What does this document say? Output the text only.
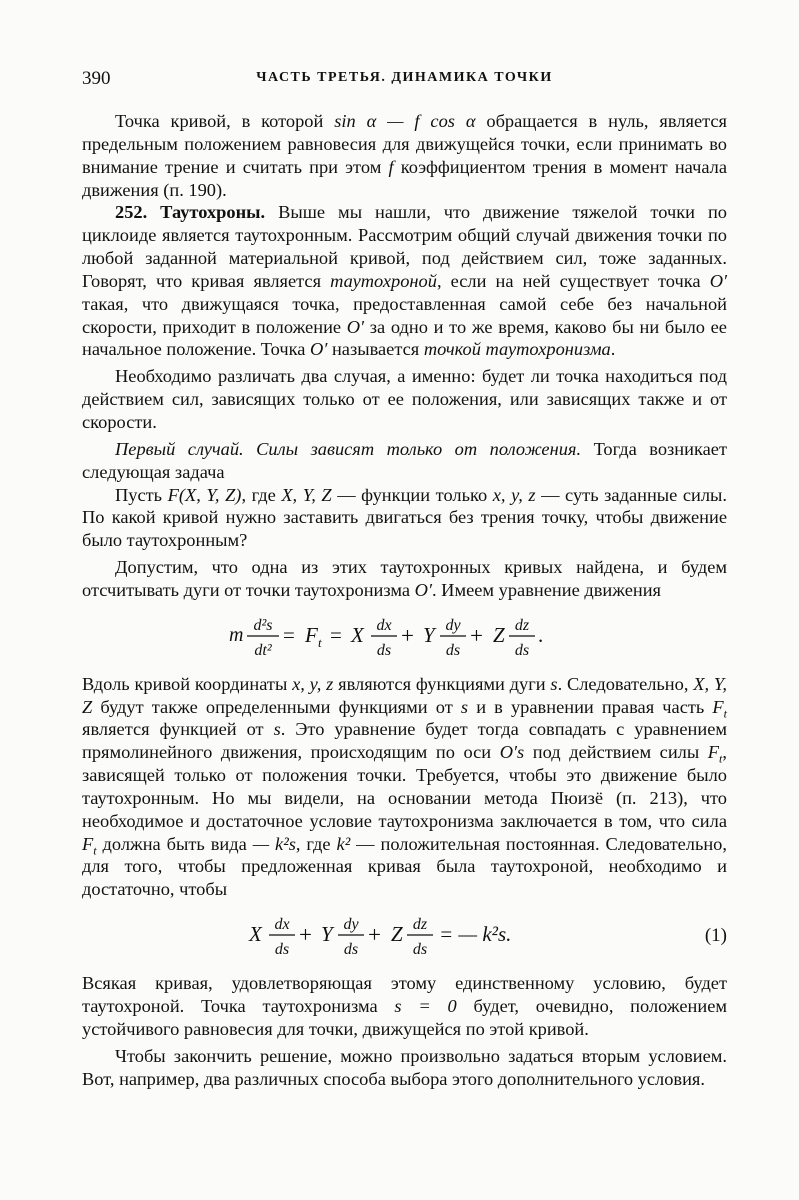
390	ЧАСТЬ ТРЕТЬЯ. ДИНАМИКА ТОЧКИ

Точка кривой, в которой sin α — f cos α обращается в нуль, является предельным положением равновесия для движущейся точки, если принимать во внимание трение и считать при этом f коэффициентом трения в момент начала движения (п. 190).

252. Таутохроны. Выше мы нашли, что движение тяжелой точки по циклоиде является таутохронным. Рассмотрим общий случай движения точки по любой заданной материальной кривой, под действием сил, тоже заданных. Говорят, что кривая является таутохроной, если на ней существует точка O′ такая, что движущаяся точка, предоставленная самой себе без начальной скорости, приходит в положение O′ за одно и то же время, каково бы ни было ее начальное положение. Точка O′ называется точкой таутохронизма.

Необходимо различать два случая, а именно: будет ли точка находиться под действием сил, зависящих только от ее положения, или зависящих также и от скорости.

Первый случай. Силы зависят только от положения. Тогда возникает следующая задача

Пусть F(X, Y, Z), где X, Y, Z — функции только x, y, z — суть заданные силы. По какой кривой нужно заставить двигаться без трения точку, чтобы движение было таутохронным?

Допустим, что одна из этих таутохронных кривых найдена, и будем отсчитывать дуги от точки таутохронизма O′. Имеем уравнение движения

m d²s
dt²
= F t = X dx
ds
+ Y dy
ds
+ Z dz
ds
.

Вдоль кривой координаты x, y, z являются функциями дуги s. Следовательно, X, Y, Z будут также определенными функциями от s и в уравнении правая часть $F_t$ является функцией от s. Это уравнение будет тогда совпадать с уравнением прямолинейного движения, происходящим по оси O′s под действием силы $F_t$, зависящей только от положения точки. Требуется, чтобы это движение было таутохронным. Но мы видели, на основании метода Пюизё (п. 213), что необходимое и достаточное условие таутохронизма заключается в том, что сила $F_t$ должна быть вида — k²s, где k² — положительная постоянная. Следовательно, для того, чтобы предложенная кривая была таутохроной, необходимо и достаточно, чтобы

X dx
ds
+ Y dy
ds
+ Z dz
ds
= — k²s.	(1)

Всякая кривая, удовлетворяющая этому единственному условию, будет таутохроной. Точка таутохронизма s = 0 будет, очевидно, положением устойчивого равновесия для точки, движущейся по этой кривой.

Чтобы закончить решение, можно произвольно задаться вторым условием. Вот, например, два различных способа выбора этого дополнительного условия.
